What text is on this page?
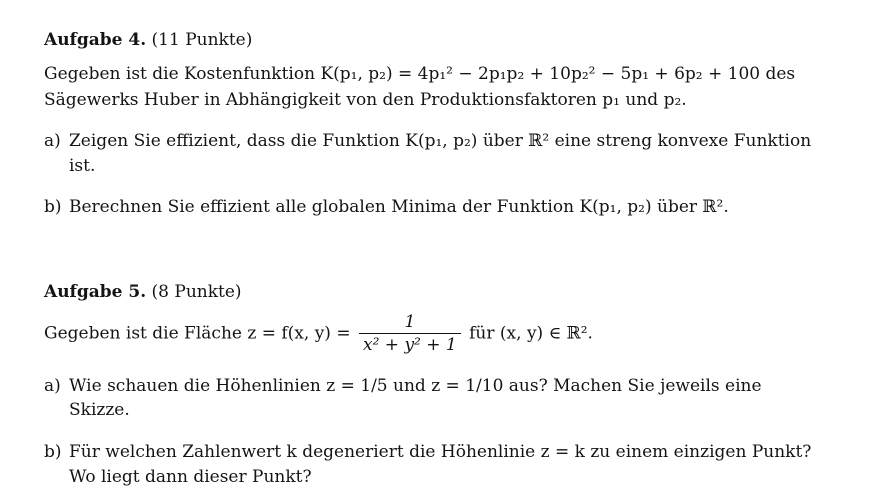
Aufgabe 4. (11 Punkte)
Gegeben ist die Kostenfunktion K(p₁, p₂) = 4p₁² − 2p₁p₂ + 10p₂² − 5p₁ + 6p₂ + 100 des
Sägewerks Huber in Abhängigkeit von den Produktionsfaktoren p₁ und p₂.
a) Zeigen Sie effizient, dass die Funktion K(p₁, p₂) über ℝ² eine streng konvexe Funktion
ist.
b) Berechnen Sie effizient alle globalen Minima der Funktion K(p₁, p₂) über ℝ².
Aufgabe 5. (8 Punkte)
Gegeben ist die Fläche z = f(x, $y) = \frac{1}{\text{x² + y² + 1}}$ für (x, y) ∈ ℝ².
a) Wie schauen die Höhenlinien z = 1/5 und z = 1/10 aus? Machen Sie jeweils eine
Skizze.
b) Für welchen Zahlenwert k degeneriert die Höhenlinie z = k zu einem einzigen Punkt?
Wo liegt dann dieser Punkt?
